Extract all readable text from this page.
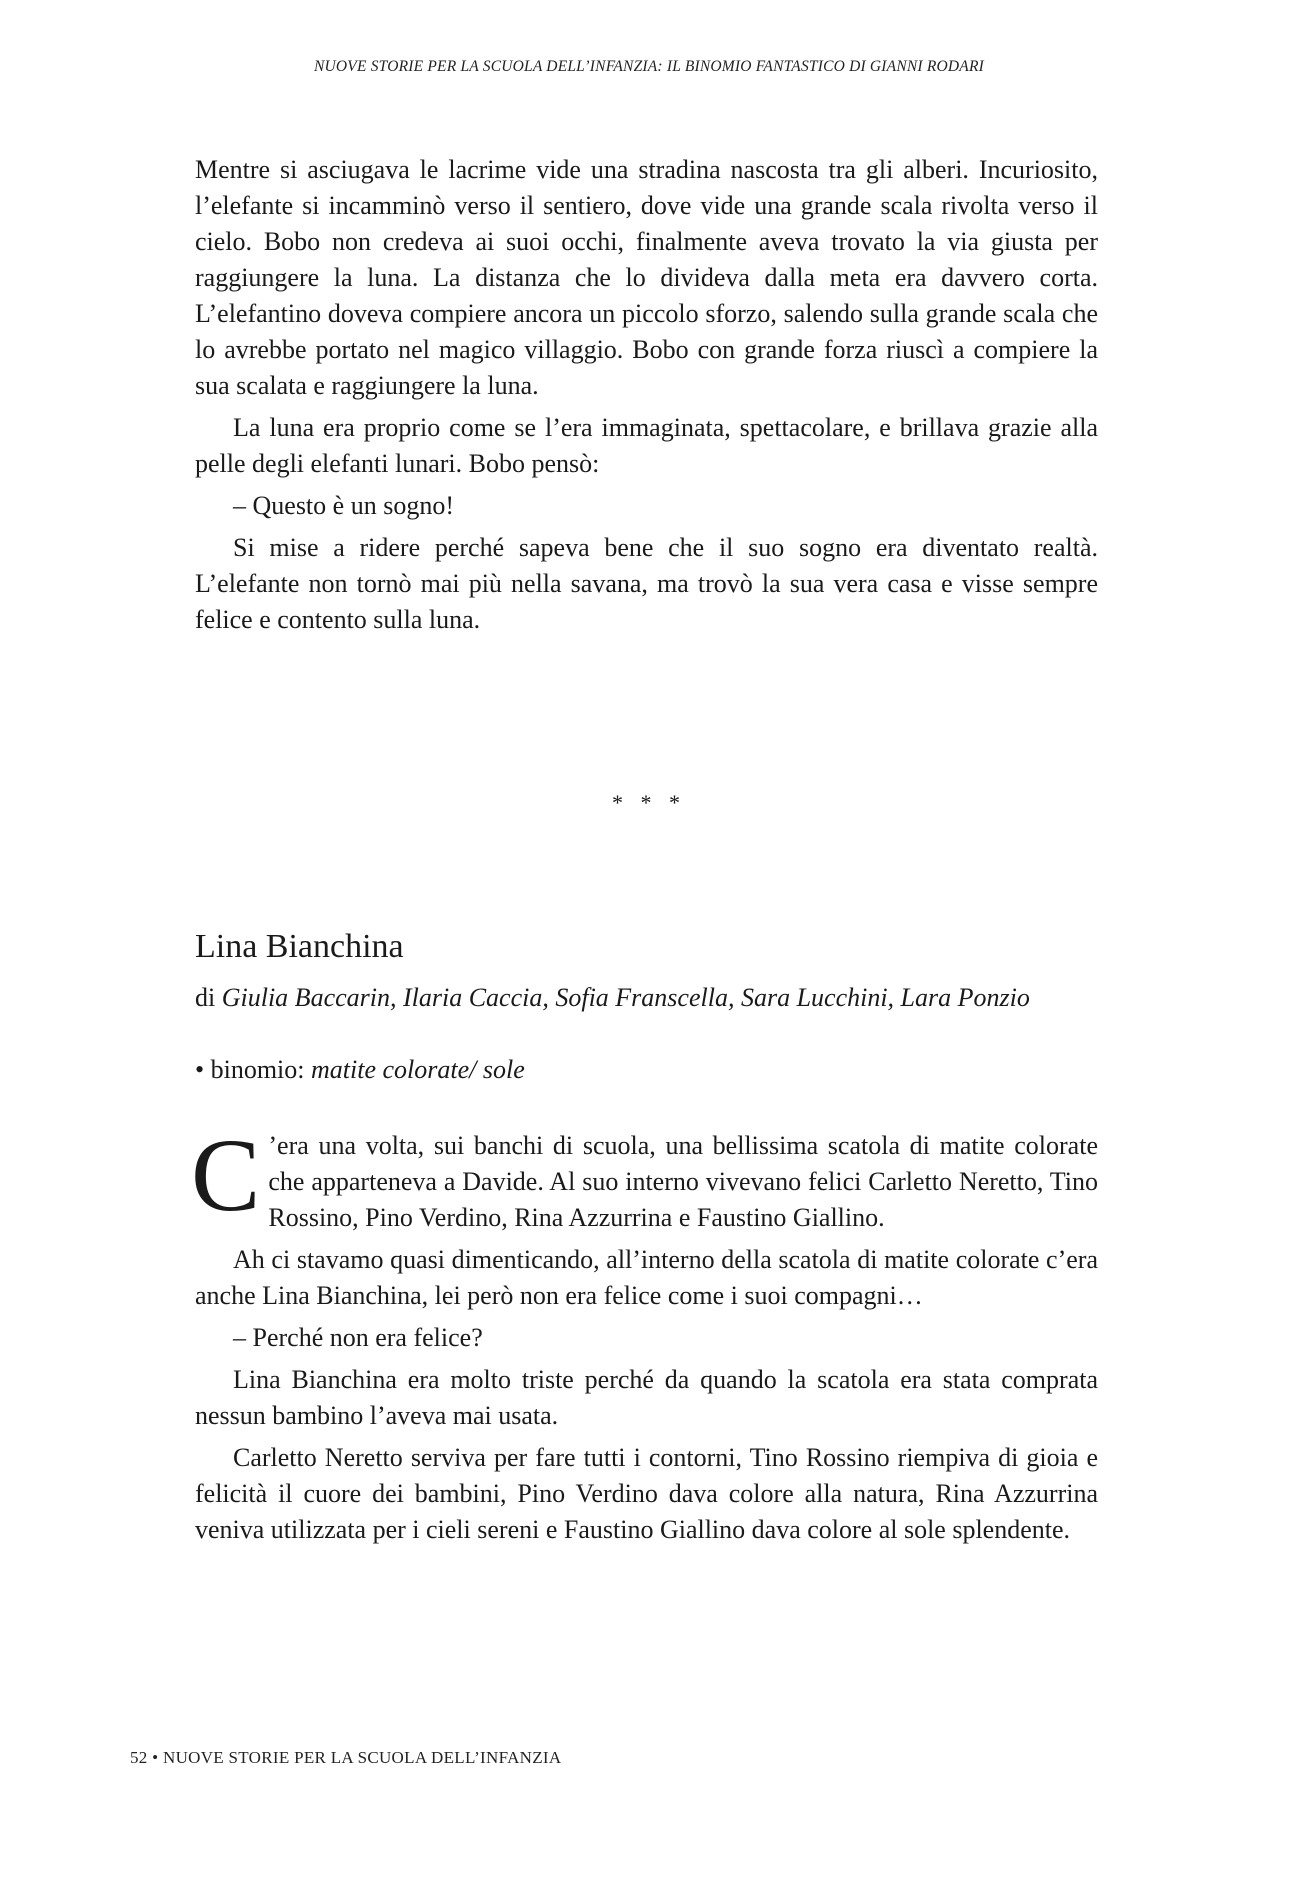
NUOVE STORIE PER LA SCUOLA DELL’INFANZIA: IL BINOMIO FANTASTICO DI GIANNI RODARI

Mentre si asciugava le lacrime vide una stradina nascosta tra gli alberi. Incuriosito, l’elefante si incamminò verso il sentiero, dove vide una grande scala rivolta verso il cielo. Bobo non credeva ai suoi occhi, finalmente aveva trovato la via giusta per raggiungere la luna. La distanza che lo divideva dalla meta era davvero corta. L’elefantino doveva compiere ancora un piccolo sforzo, salendo sulla grande scala che lo avrebbe portato nel magico villaggio. Bobo con grande forza riuscì a compiere la sua scalata e raggiungere la luna.

La luna era proprio come se l’era immaginata, spettacolare, e brillava grazie alla pelle degli elefanti lunari. Bobo pensò:

– Questo è un sogno!

Si mise a ridere perché sapeva bene che il suo sogno era diventato realtà. L’elefante non tornò mai più nella savana, ma trovò la sua vera casa e visse sempre felice e contento sulla luna.

* * *
Lina Bianchina
di Giulia Baccarin, Ilaria Caccia, Sofia Franscella, Sara Lucchini, Lara Ponzio
• binomio: matite colorate/ sole

C ’era una volta, sui banchi di scuola, una bellissima scatola di matite colorate che apparteneva a Davide. Al suo interno vivevano felici Carletto Neretto, Tino Rossino, Pino Verdino, Rina Azzurrina e Faustino Giallino.

Ah ci stavamo quasi dimenticando, all’interno della scatola di matite colorate c’era anche Lina Bianchina, lei però non era felice come i suoi compagni…

– Perché non era felice?

Lina Bianchina era molto triste perché da quando la scatola era stata comprata nessun bambino l’aveva mai usata.

Carletto Neretto serviva per fare tutti i contorni, Tino Rossino riempiva di gioia e felicità il cuore dei bambini, Pino Verdino dava colore alla natura, Rina Azzurrina veniva utilizzata per i cieli sereni e Faustino Giallino dava colore al sole splendente.

52 • NUOVE STORIE PER LA SCUOLA DELL’INFANZIA
